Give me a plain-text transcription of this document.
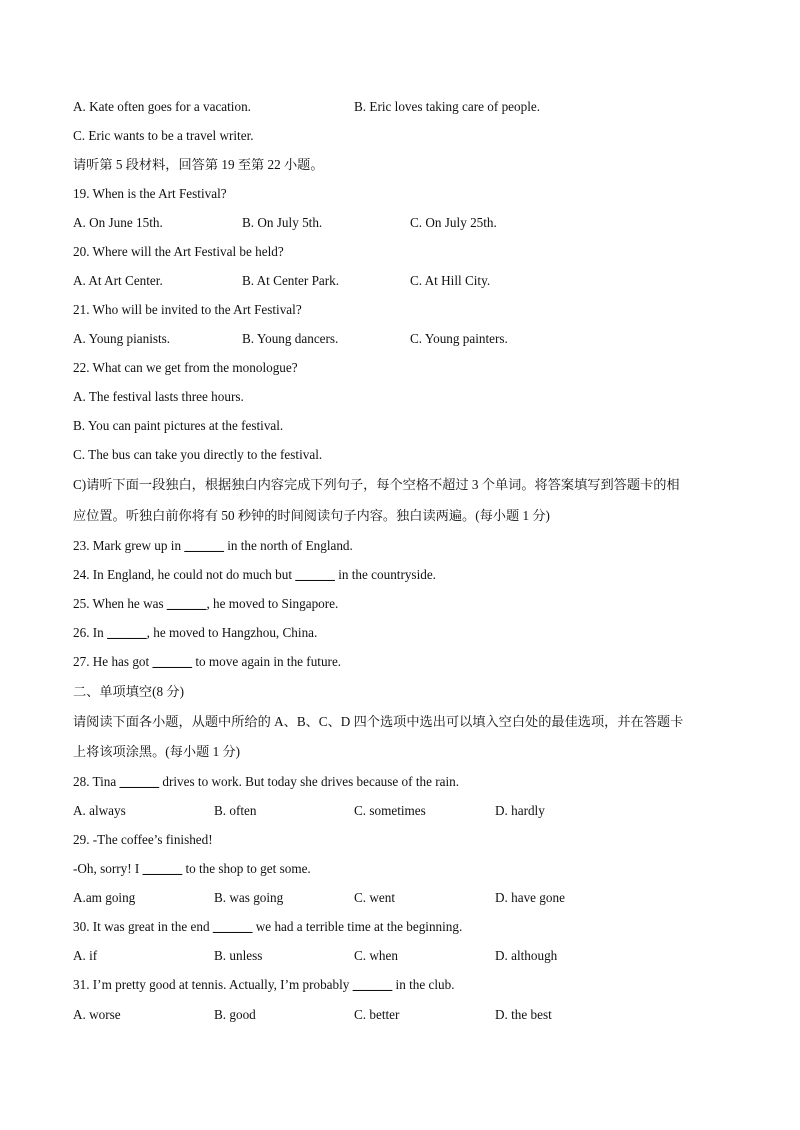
A. Kate often goes for a vacation.	B. Eric loves taking care of people.
C. Eric wants to be a travel writer.
请听第 5 段材料，回答第 19 至第 22 小题。
19. When is the Art Festival?
A. On June 15th.	B. On July 5th.	C. On July 25th.
20. Where will the Art Festival be held?
A. At Art Center.	B. At Center Park.	C. At Hill City.
21. Who will be invited to the Art Festival?
A. Young pianists.	B. Young dancers.	C. Young painters.
22. What can we get from the monologue?
A. The festival lasts three hours.
B. You can paint pictures at the festival.
C. The bus can take you directly to the festival.
C)请听下面一段独白，根据独白内容完成下列句子，每个空格不超过 3 个单词。将答案填写到答题卡的相
应位置。听独白前你将有 50 秒钟的时间阅读句子内容。独白读两遍。(每小题 1 分)
23. Mark grew up in ______ in the north of England.
24. In England, he could not do much but ______ in the countryside.
25. When he was ______, he moved to Singapore.
26. In ______, he moved to Hangzhou, China.
27. He has got ______ to move again in the future.
二、单项填空(8 分)
请阅读下面各小题，从题中所给的 A、B、C、D 四个选项中选出可以填入空白处的最佳选项，并在答题卡
上将该项涂黑。(每小题 1 分)
28. Tina ______ drives to work. But today she drives because of the rain.
A. always	B. often	C. sometimes	D. hardly
29. -The coffee’s finished!
-Oh, sorry! I ______ to the shop to get some.
A.am going	B. was going	C. went	D. have gone
30. It was great in the end ______ we had a terrible time at the beginning.
A. if	B. unless	C. when	D. although
31. I’m pretty good at tennis. Actually, I’m probably ______ in the club.
A. worse	B. good	C. better	D. the best
